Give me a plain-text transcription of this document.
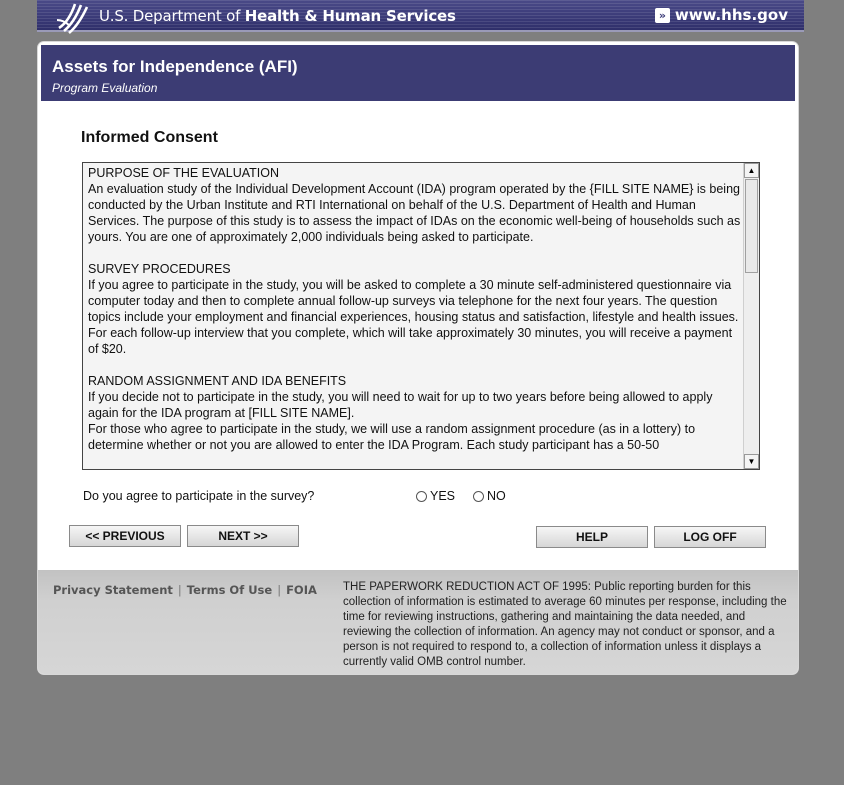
U.S. Department of Health & Human Services	» www.hhs.gov
Assets for Independence (AFI)
Program Evaluation
Informed Consent

PURPOSE OF THE EVALUATION
An evaluation study of the Individual Development Account (IDA) program operated by the {FILL SITE NAME} is being conducted by the Urban Institute and RTI International on behalf of the U.S. Department of Health and Human Services. The purpose of this study is to assess the impact of IDAs on the economic well-being of households such as yours. You are one of approximately 2,000 individuals being asked to participate.

SURVEY PROCEDURES
If you agree to participate in the study, you will be asked to complete a 30 minute self-administered questionnaire via computer today and then to complete annual follow-up surveys via telephone for the next four years. The question topics include your employment and financial experiences, housing status and satisfaction, lifestyle and health issues. For each follow-up interview that you complete, which will take approximately 30 minutes, you will receive a payment of $20.

RANDOM ASSIGNMENT AND IDA BENEFITS
If you decide not to participate in the study, you will need to wait for up to two years before being allowed to apply again for the IDA program at [FILL SITE NAME].
For those who agree to participate in the study, we will use a random assignment procedure (as in a lottery) to determine whether or not you are allowed to enter the IDA Program. Each study participant has a 50-50

▲
▼
Do you agree to participate in the survey?	YES	NO
<< PREVIOUS	NEXT >>	HELP	LOG OFF
Privacy Statement | Terms Of Use | FOIA THE PAPERWORK REDUCTION ACT OF 1995: Public reporting burden for this collection of information is estimated to average 60 minutes per response, including the time for reviewing instructions, gathering and maintaining the data needed, and reviewing the collection of information. An agency may not conduct or sponsor, and a person is not required to respond to, a collection of information unless it displays a currently valid OMB control number.
